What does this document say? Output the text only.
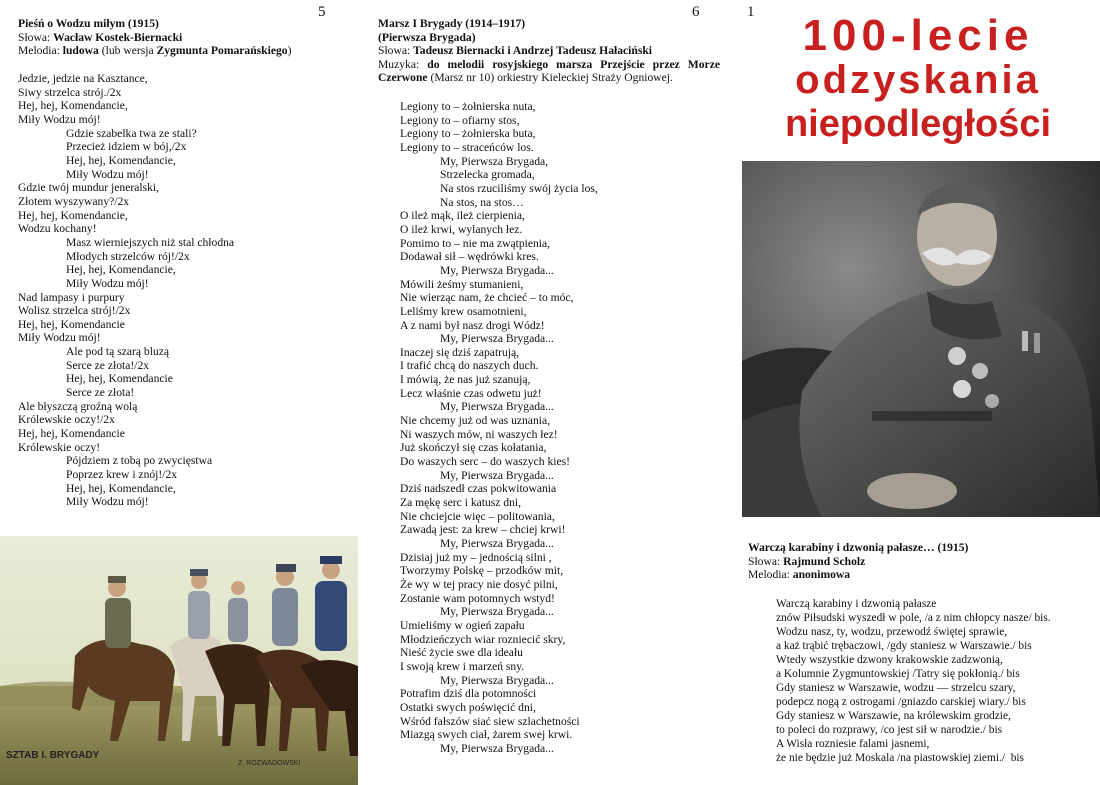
5
Pieśń o Wodzu miłym (1915)
Słowa: Wacław Kostek-Biernacki
Melodia: ludowa (lub wersja Zygmunta Pomarańskiego)
Jedzie, jedzie na Kasztance,
Siwy strzelca strój./2x
Hej, hej, Komendancie,
Miły Wodzu mój!
Gdzie szabelka twa ze stali?
Przecież idziem w bój,/2x
Hej, hej, Komendancie,
Miły Wodzu mój!
Gdzie twój mundur jeneralski,
Złotem wyszywany?/2x
Hej, hej, Komendancie,
Wodzu kochany!
Masz wierniejszych niż stal chłodna
Młodych strzelców rój!/2x
Hej, hej, Komendancie,
Miły Wodzu mój!
Nad lampasy i purpury
Wolisz strzelca strój!/2x
Hej, hej, Komendancie
Miły Wodzu mój!
Ale pod tą szarą bluzą
Serce ze złota!/2x
Hej, hej, Komendancie
Serce ze złota!
Ale błyszczą groźną wolą
Królewskie oczy!/2x
Hej, hej, Komendancie
Królewskie oczy!
Pójdziem z tobą po zwycięstwa
Poprzez krew i znój!/2x
Hej, hej, Komendancie,
Miły Wodzu mój!
SZTAB I. BRYGADY
Z. ROZWADOWSKI
6
Marsz I Brygady (1914–1917)
(Pierwsza Brygada)
Słowa: Tadeusz Biernacki i Andrzej Tadeusz Hałaciński
Muzyka: do melodii rosyjskiego marsza Przejście przez Morze Czerwone (Marsz nr 10) orkiestry Kieleckiej Straży Ogniowej.
Legiony to – żołnierska nuta,
Legiony to – ofiarny stos,
Legiony to – żołnierska buta,
Legiony to – straceńców los.
My, Pierwsza Brygada,
Strzelecka gromada,
Na stos rzuciliśmy swój życia los,
Na stos, na stos…
O ileż mąk, ileż cierpienia,
O ileż krwi, wylanych łez.
Pomimo to – nie ma zwątpienia,
Dodawał sił – wędrówki kres.
My, Pierwsza Brygada...
Mówili żeśmy stumanieni,
Nie wierząc nam, że chcieć – to móc,
Leliśmy krew osamotnieni,
A z nami był nasz drogi Wódz!
My, Pierwsza Brygada...
Inaczej się dziś zapatrują,
I trafić chcą do naszych duch.
I mówią, że nas już szanują,
Lecz właśnie czas odwetu już!
My, Pierwsza Brygada...
Nie chcemy już od was uznania,
Ni waszych mów, ni waszych łez!
Już skończył się czas kołatania,
Do waszych serc – do waszych kies!
My, Pierwsza Brygada...
Dziś nadszedł czas pokwitowania
Za mękę serc i katusz dni,
Nie chciejcie więc – politowania,
Zawadą jest: za krew – chciej krwi!
My, Pierwsza Brygada...
Dzisiaj już my – jednością silni ,
Tworzymy Polskę – przodków mit,
Że wy w tej pracy nie dosyć pilni,
Zostanie wam potomnych wstyd!
My, Pierwsza Brygada...
Umieliśmy w ogień zapału
Młodzieńczych wiar rozniecić skry,
Nieść życie swe dla ideału
I swoją krew i marzeń sny.
My, Pierwsza Brygada...
Potrafim dziś dla potomności
Ostatki swych poświęcić dni,
Wśród fałszów siać siew szlachetności
Miazgą swych ciał, żarem swej krwi.
My, Pierwsza Brygada...
1	100-lecie
odzyskania
niepodległości
Warczą karabiny i dzwonią pałasze… (1915)
Słowa: Rajmund Scholz
Melodia: anonimowa
Warczą karabiny i dzwonią pałasze
znów Piłsudski wyszedł w pole, /a z nim chłopcy nasze/ bis.
Wodzu nasz, ty, wodzu, przewodź świętej sprawie,
a każ trąbić trębaczowi, /gdy staniesz w Warszawie./ bis
Wtedy wszystkie dzwony krakowskie zadzwonią,
a Kolumnie Zygmuntowskiej /Tatry się pokłonią./ bis
Gdy staniesz w Warszawie, wodzu — strzelcu szary,
podepcz nogą z ostrogami /gniazdo carskiej wiary./ bis
Gdy staniesz w Warszawie, na królewskim grodzie,
to poleci do rozprawy, /co jest sił w narodzie./ bis
A Wisła rozniesie falami jasnemi,
że nie będzie już Moskala /na piastowskiej ziemi./  bis
